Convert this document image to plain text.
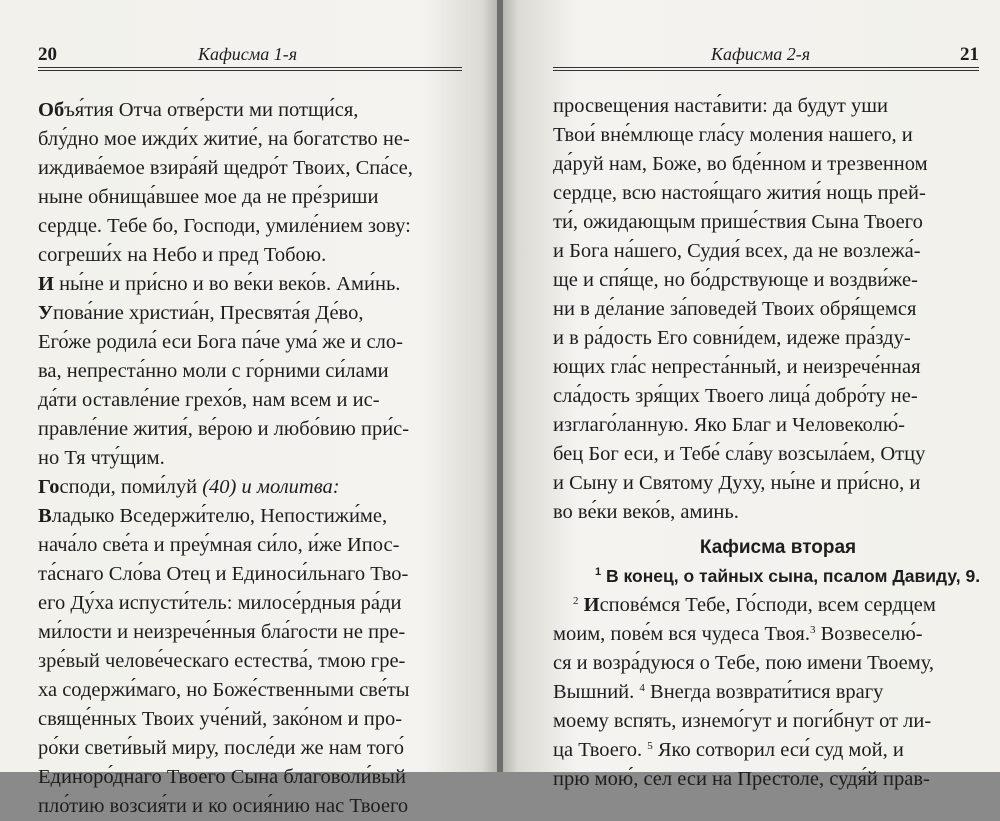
20	Кафисма 1-я
Объя́тия Отча отве́рсти ми потщи́ся,
блу́дно мое ижди́х житие́, на богатство не-
иждива́емое взира́яй щедро́т Твоих, Спа́се,
ныне обнища́вшее мое да не пре́зриши
сердце. Тебе бо, Господи, умиле́нием зову:
согреши́х на Небо и пред Тобою.
И ны́не и при́сно и во ве́ки веко́в. Ами́нь.
Упова́ние христиа́н, Пресвята́я Де́во,
Его́же родила́ еси Бога па́че ума́ же и сло-
ва, непреста́нно моли с го́рними си́лами
да́ти оставле́ние грехо́в, нам всем и ис-
правле́ние жития́, ве́рою и любо́вию при́с-
но Тя чту́щим.
Господи, поми́луй (40) и молитва:
Владыко Вседержи́телю, Непостижи́ме,
нача́ло све́та и преу́мная си́ло, и́же Ипос-
та́снаго Сло́ва Отец и Единоси́льнаго Тво-
его Ду́ха испусти́тель: милосе́рдныя ра́ди
ми́лости и неизрече́нныя бла́гости не пре-
зре́вый челове́ческаго естества́, тмою гре-
ха содержи́маго, но Боже́ственными све́ты
свяще́нных Твоих уче́ний, зако́ном и про-
ро́ки свети́вый миру, после́ди же нам того́
Единоро́днаго Твоего Сына благоволи́вый
пло́тию возсия́ти и ко осия́нию нас Твоего
Кафисма 2-я	21
просвещения наста́вити: да будут уши
Твои́ вне́млюще гла́су моления нашего, и
да́руй нам, Боже, во бде́нном и трезвенном
сердце, всю настоя́щаго жития́ нощь прей-
ти́, ожидающым прише́ствия Сына Твоего
и Бога на́шего, Судия́ всех, да не возлежа́-
ще и спя́ще, но бо́дрствующе и воздви́же-
ни в де́лание за́поведей Твоих обря́щемся
и в ра́дость Его совни́дем, идеже пра́зду-
ющих гла́с непреста́нный, и неизрече́нная
сла́дость зря́щих Твоего лица́ добро́ту не-
изглаго́ланную. Яко Благ и Человеколю́-
бец Бог еси, и Тебе́ сла́ву возсыла́ем, Отцу
и Сыну и Святому Духу, ны́не и при́сно, и
во ве́ки веко́в, аминь.
Кафисма вторая
$^1$ В конец, о тайных сына, псалом Давиду, 9.
$^2$ Исповéмся Тебе, Го́споди, всем сердцем
моим, пове́м вся чудеса Твоя.$^3$ Возвеселю́-
ся и возра́дуюся о Тебе, пою имени Твоему,
Вышний. $^4$ Внегда возврати́тися врагу
моему вспять, изнемо́гут и поги́бнут от ли-
ца Твоего. $^5$ Яко сотворил еси́ суд мой, и
прю мою́, сел еси на Престоле, судя́й прав-
